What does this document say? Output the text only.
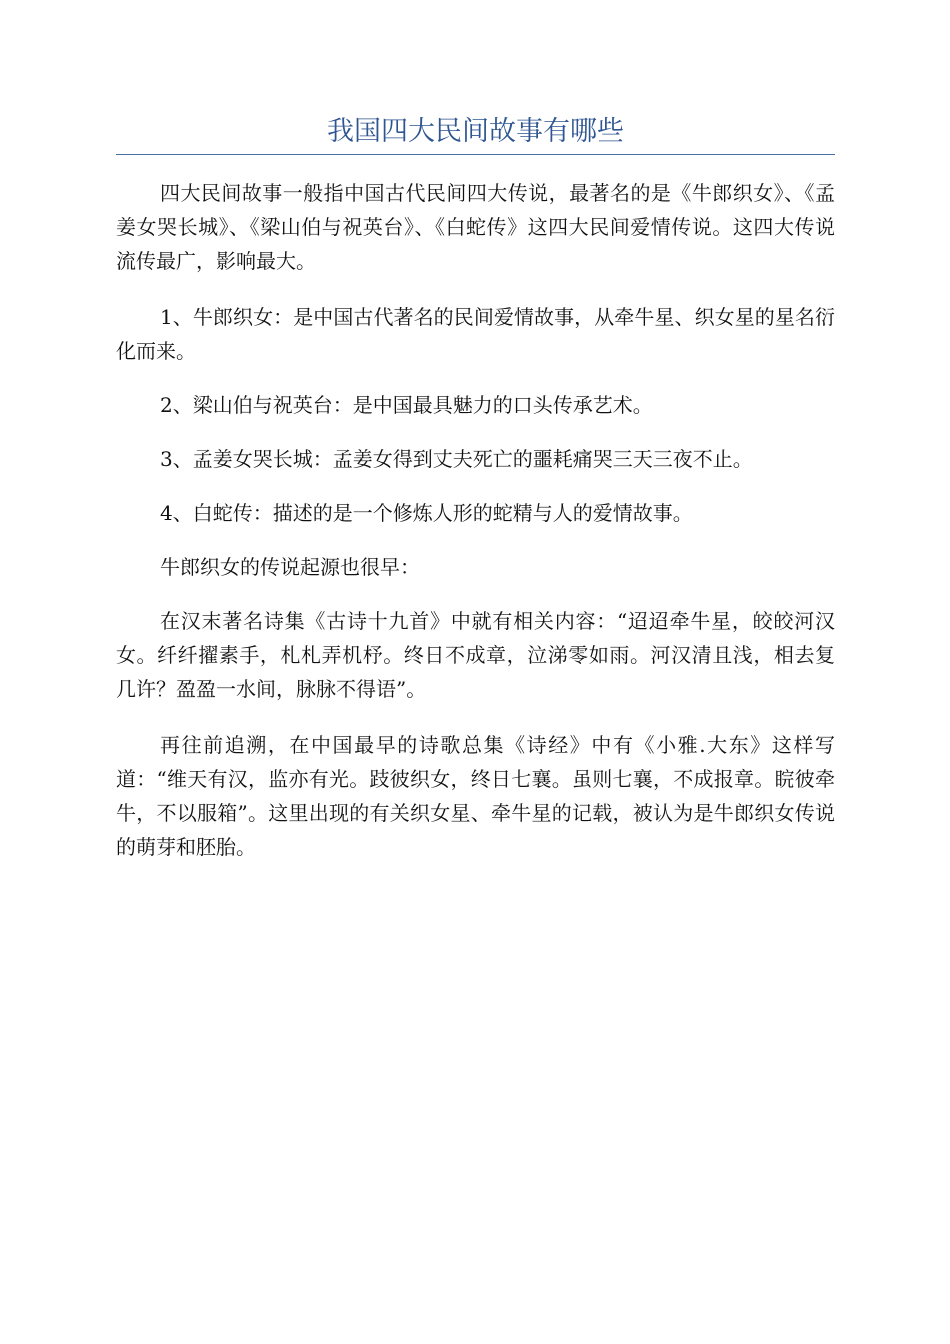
我国四大民间故事有哪些

四大民间故事一般指中国古代民间四大传说，最著名的是《牛郎织女》、《孟姜女哭长城》、《梁山伯与祝英台》、《白蛇传》这四大民间爱情传说。这四大传说流传最广，影响最大。

1、牛郎织女：是中国古代著名的民间爱情故事，从牵牛星、织女星的星名衍化而来。

2、梁山伯与祝英台：是中国最具魅力的口头传承艺术。

3、孟姜女哭长城：孟姜女得到丈夫死亡的噩耗痛哭三天三夜不止。

4、白蛇传：描述的是一个修炼人形的蛇精与人的爱情故事。

牛郎织女的传说起源也很早：

在汉末著名诗集《古诗十九首》中就有相关内容：“迢迢牵牛星，皎皎河汉女。纤纤擢素手，札札弄机杼。终日不成章，泣涕零如雨。河汉清且浅，相去复几许？盈盈一水间，脉脉不得语”。

再往前追溯，在中国最早的诗歌总集《诗经》中有《小雅.大东》这样写道：“维天有汉，监亦有光。跂彼织女，终日七襄。虽则七襄，不成报章。睆彼牵牛，不以服箱”。这里出现的有关织女星、牵牛星的记载，被认为是牛郎织女传说的萌芽和胚胎。
